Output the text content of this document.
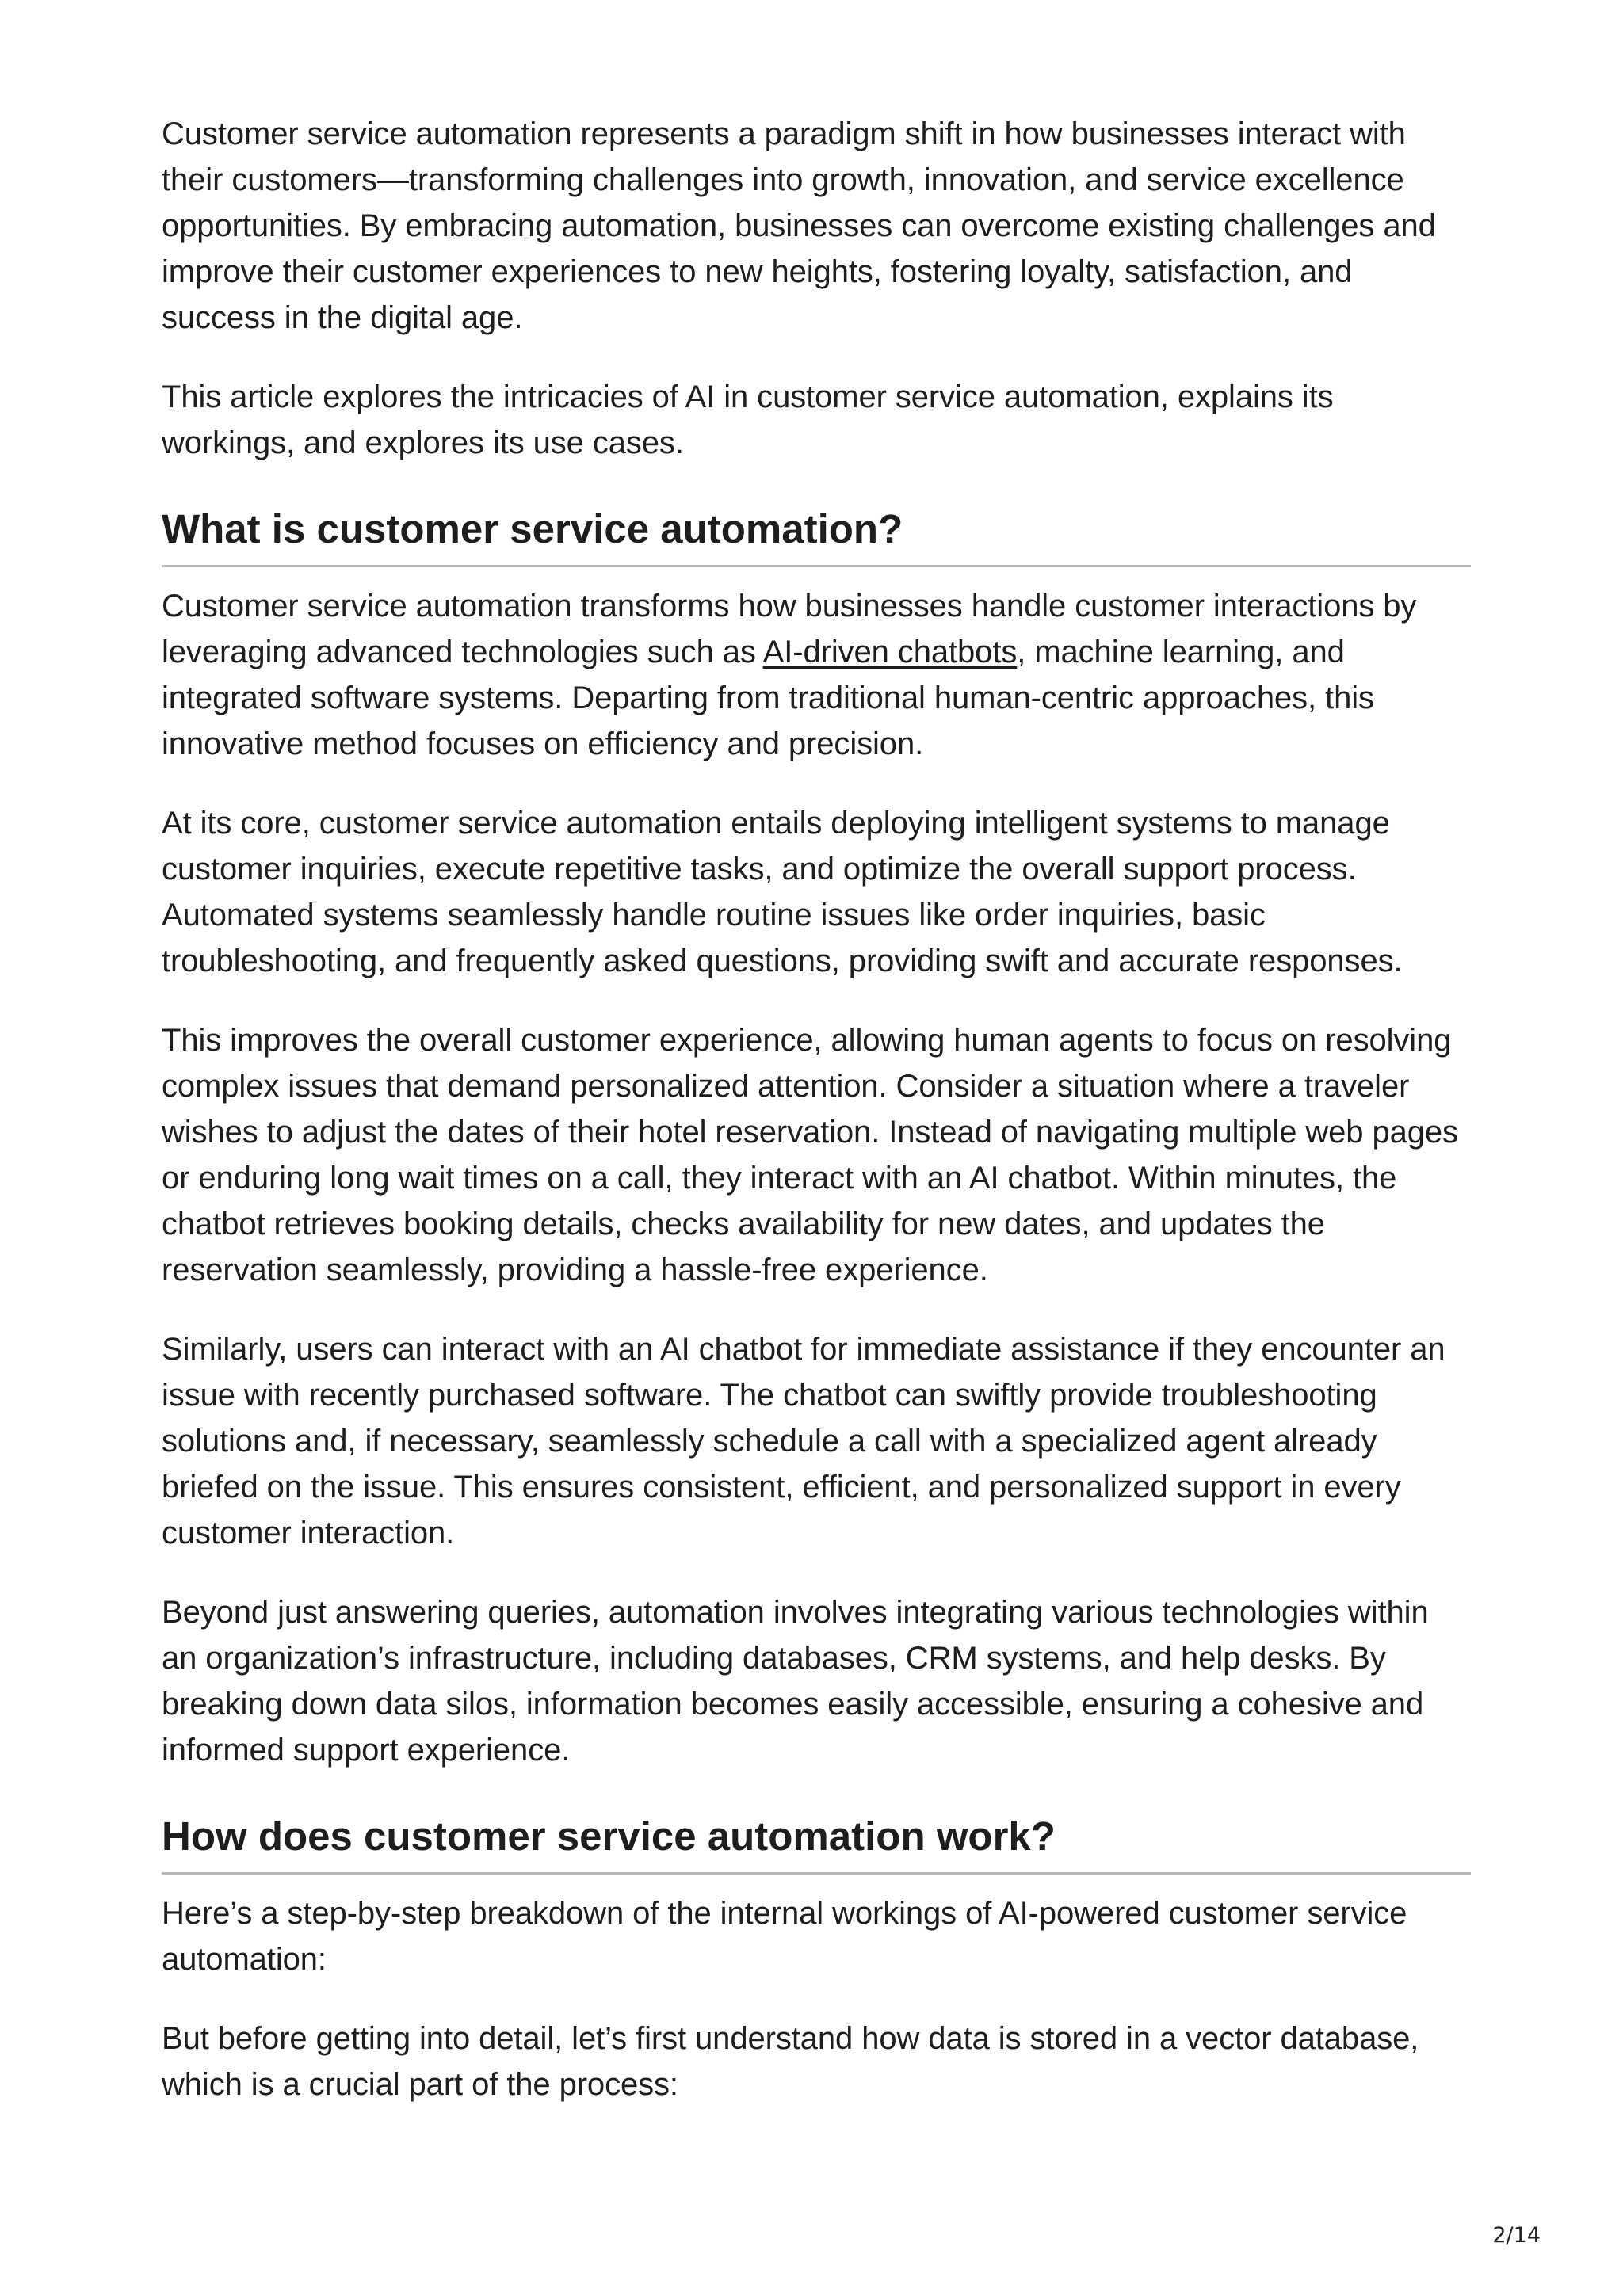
Customer service automation represents a paradigm shift in how businesses interact with their customers—transforming challenges into growth, innovation, and service excellence opportunities. By embracing automation, businesses can overcome existing challenges and improve their customer experiences to new heights, fostering loyalty, satisfaction, and success in the digital age.

This article explores the intricacies of AI in customer service automation, explains its workings, and explores its use cases.

What is customer service automation?

Customer service automation transforms how businesses handle customer interactions by leveraging advanced technologies such as AI-driven chatbots, machine learning, and integrated software systems. Departing from traditional human-centric approaches, this innovative method focuses on efficiency and precision.

At its core, customer service automation entails deploying intelligent systems to manage customer inquiries, execute repetitive tasks, and optimize the overall support process. Automated systems seamlessly handle routine issues like order inquiries, basic troubleshooting, and frequently asked questions, providing swift and accurate responses.

This improves the overall customer experience, allowing human agents to focus on resolving complex issues that demand personalized attention. Consider a situation where a traveler wishes to adjust the dates of their hotel reservation. Instead of navigating multiple web pages or enduring long wait times on a call, they interact with an AI chatbot. Within minutes, the chatbot retrieves booking details, checks availability for new dates, and updates the reservation seamlessly, providing a hassle-free experience.

Similarly, users can interact with an AI chatbot for immediate assistance if they encounter an issue with recently purchased software. The chatbot can swiftly provide troubleshooting solutions and, if necessary, seamlessly schedule a call with a specialized agent already briefed on the issue. This ensures consistent, efficient, and personalized support in every customer interaction.

Beyond just answering queries, automation involves integrating various technologies within an organization’s infrastructure, including databases, CRM systems, and help desks. By breaking down data silos, information becomes easily accessible, ensuring a cohesive and informed support experience.

How does customer service automation work?

Here’s a step-by-step breakdown of the internal workings of AI-powered customer service automation:

But before getting into detail, let’s first understand how data is stored in a vector database, which is a crucial part of the process:

2/14
